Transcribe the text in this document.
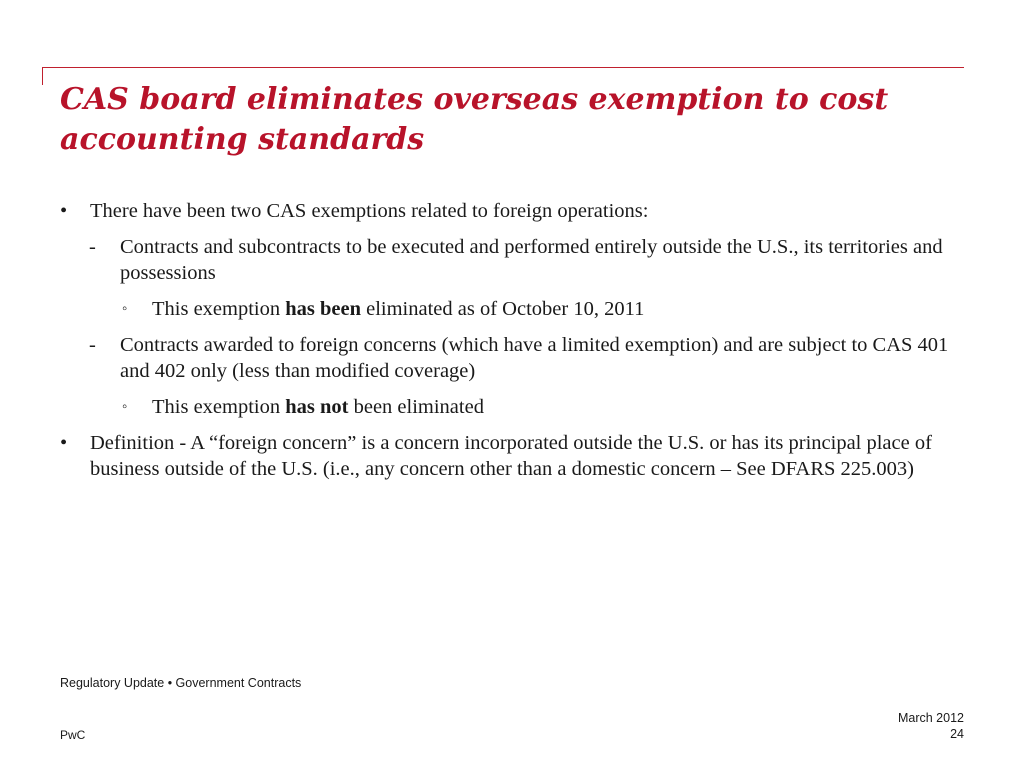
CAS board eliminates overseas exemption to cost accounting standards
• There have been two CAS exemptions related to foreign operations:
- Contracts and subcontracts to be executed and performed entirely outside the U.S., its territories and possessions
◦ This exemption has been eliminated as of October 10, 2011
- Contracts awarded to foreign concerns (which have a limited exemption) and are subject to CAS 401 and 402 only (less than modified coverage)
◦ This exemption has not been eliminated
• Definition - A “foreign concern” is a concern incorporated outside the U.S. or has its principal place of business outside of the U.S. (i.e., any concern other than a domestic concern – See DFARS 225.003)
Regulatory Update • Government Contracts
PwC
March 2012
24
